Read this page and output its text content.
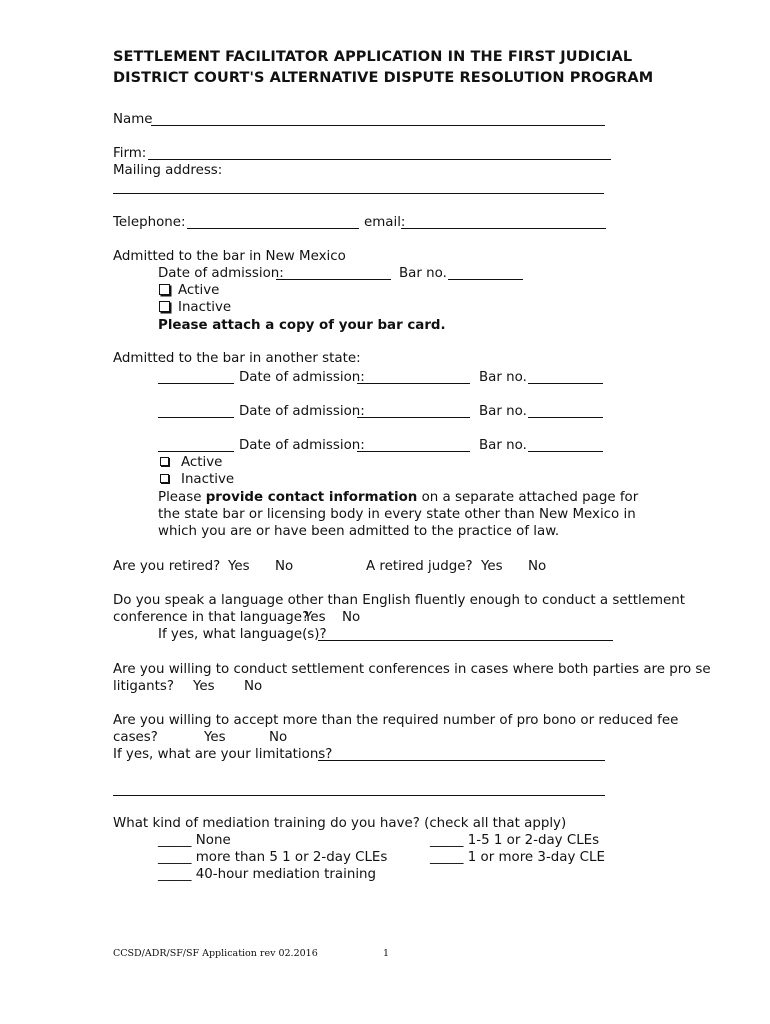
SETTLEMENT FACILITATOR APPLICATION IN THE FIRST JUDICIAL
DISTRICT COURT'S ALTERNATIVE DISPUTE RESOLUTION PROGRAM
Name
Firm:
Mailing address:
Telephone:	email:
Admitted to the bar in New Mexico
Date of admission:	Bar no.
Active
Inactive
Please attach a copy of your bar card.
Admitted to the bar in another state:
Date of admission:	Bar no.
Date of admission:	Bar no.
Date of admission:	Bar no.
Active
Inactive
Please provide contact information on a separate attached page for the state bar or licensing body in every state other than New Mexico in which you are or have been admitted to the practice of law.
Are you retired? Yes No	A retired judge? Yes No
Do you speak a language other than English fluently enough to conduct a settlement
conference in that language?
Yes No
If yes, what language(s)?
Are you willing to conduct settlement conferences in cases where both parties are pro se
litigants? Yes No
Are you willing to accept more than the required number of pro bono or reduced fee
cases?	Yes	No
If yes, what are your limitations?
What kind of mediation training do you have? (check all that apply)
_____ None	_____ 1-5 1 or 2-day CLEs
_____ more than 5 1 or 2-day CLEs	_____ 1 or more 3-day CLE
_____ 40-hour mediation training
CCSD/ADR/SF/SF Application rev 02.2016	1
